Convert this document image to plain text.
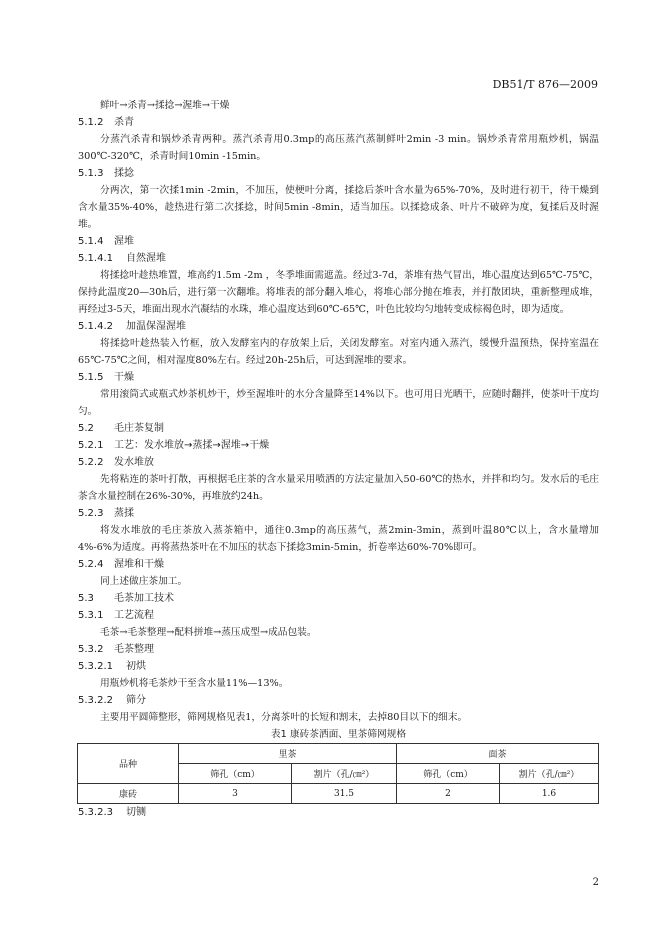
DB51/T 876—2009
鲜叶→杀青→揉捻→渥堆→干燥
5.1.2 杀青
分蒸汽杀青和锅炒杀青两种。蒸汽杀青用0.3mp的高压蒸汽蒸制鲜叶2min -3 min。锅炒杀青常用瓶炒机，锅温300℃-320℃，杀青时间10min -15min。
5.1.3 揉捻
分两次，第一次揉1min -2min，不加压，使梗叶分离，揉捻后茶叶含水量为65%-70%，及时进行初干，待干燥到含水量35%-40%，趁热进行第二次揉捻，时间5min -8min，适当加压。以揉捻成条、叶片不破碎为度，复揉后及时渥堆。
5.1.4 渥堆
5.1.4.1 自然渥堆
将揉捻叶趁热堆置，堆高约1.5m -2m ，冬季堆面需遮盖。经过3-7d，茶堆有热气冒出，堆心温度达到65℃-75℃，保持此温度20—30h后，进行第一次翻堆。将堆表的部分翻入堆心，将堆心部分抛在堆表，并打散团块，重新整理成堆，再经过3-5天，堆面出现水汽凝结的水珠，堆心温度达到60℃-65℃，叶色比较均匀地转变成棕褐色时，即为适度。
5.1.4.2 加温保湿渥堆
将揉捻叶趁热装入竹框，放入发酵室内的存放架上后，关闭发酵室。对室内通入蒸汽，缓慢升温预热，保持室温在65℃-75℃之间，相对湿度80%左右。经过20h-25h后，可达到渥堆的要求。
5.1.5 干燥
常用滚筒式或瓶式炒茶机炒干，炒至渥堆叶的水分含量降至14%以下。也可用日光晒干，应随时翻拌，使茶叶干度均匀。
5.2 毛庄茶复制
5.2.1 工艺：发水堆放→蒸揉→渥堆→干燥
5.2.2 发水堆放
先将粘连的茶叶打散，再根据毛庄茶的含水量采用喷洒的方法定量加入50-60℃的热水，并拌和均匀。发水后的毛庄茶含水量控制在26%-30%，再堆放约24h。
5.2.3 蒸揉
将发水堆放的毛庄茶放入蒸茶箱中，通往0.3mp的高压蒸气，蒸2min-3min，蒸到叶温80℃以上，含水量增加4%-6%为适度。再将蒸热茶叶在不加压的状态下揉捻3min-5min，折卷率达60%-70%即可。
5.2.4 渥堆和干燥
同上述做庄茶加工。
5.3 毛茶加工技术
5.3.1 工艺流程
毛茶→毛茶整理→配料拼堆→蒸压成型→成品包装。
5.3.2 毛茶整理
5.3.2.1 初烘
用瓶炒机将毛茶炒干至含水量11%—13%。
5.3.2.2 筛分
主要用平圆筛整形，筛网规格见表1，分离茶叶的长短和割末，去掉80目以下的细末。
表1 康砖茶洒面、里茶筛网规格
品种	里茶		面茶	
	筛孔（cm）	割片（孔/㎝²）	筛孔（cm）	割片（孔/㎝²）
康砖	3	31.5	2	1.6
5.3.2.3 切铡
2
